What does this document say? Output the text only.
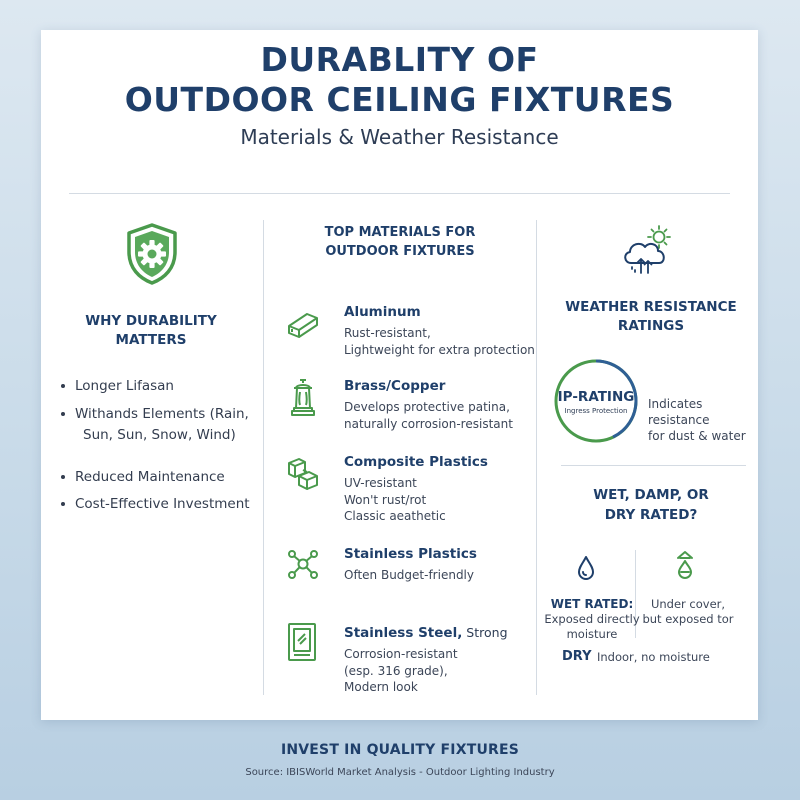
DURABLITY OF
OUTDOOR CEILING FIXTURES
Materials & Weather Resistance
WHY DURABILITY
MATTERS
Longer Lifasan
Withands Elements (Rain,
Sun, Sun, Snow, Wind)
Reduced Maintenance
Cost-Effective Investment
TOP MATERIALS FOR
OUTDOOR FIXTURES
Aluminum
Rust-resistant,
Lightweight for extra protection
Brass/Copper
Develops protective patina,
naturally corrosion-resistant
Composite Plastics
UV-resistant
Won't rust/rot
Classic aeathetic
Stainless Plastics
Often Budget-friendly
Stainless Steel, Strong
Corrosion-resistant
(esp. 316 grade),
Modern look
WEATHER RESISTANCE
RATINGS
IP-RATING
Ingress Protection	Indicates resistance
for dust & water
WET, DAMP, OR
DRY RATED?
WET RATED:
Exposed directly
moisture
Under cover,
but exposed tor
DRY Indoor, no moisture
INVEST IN QUALITY FIXTURES
Source: IBISWorld Market Analysis - Outdoor Lighting Industry
